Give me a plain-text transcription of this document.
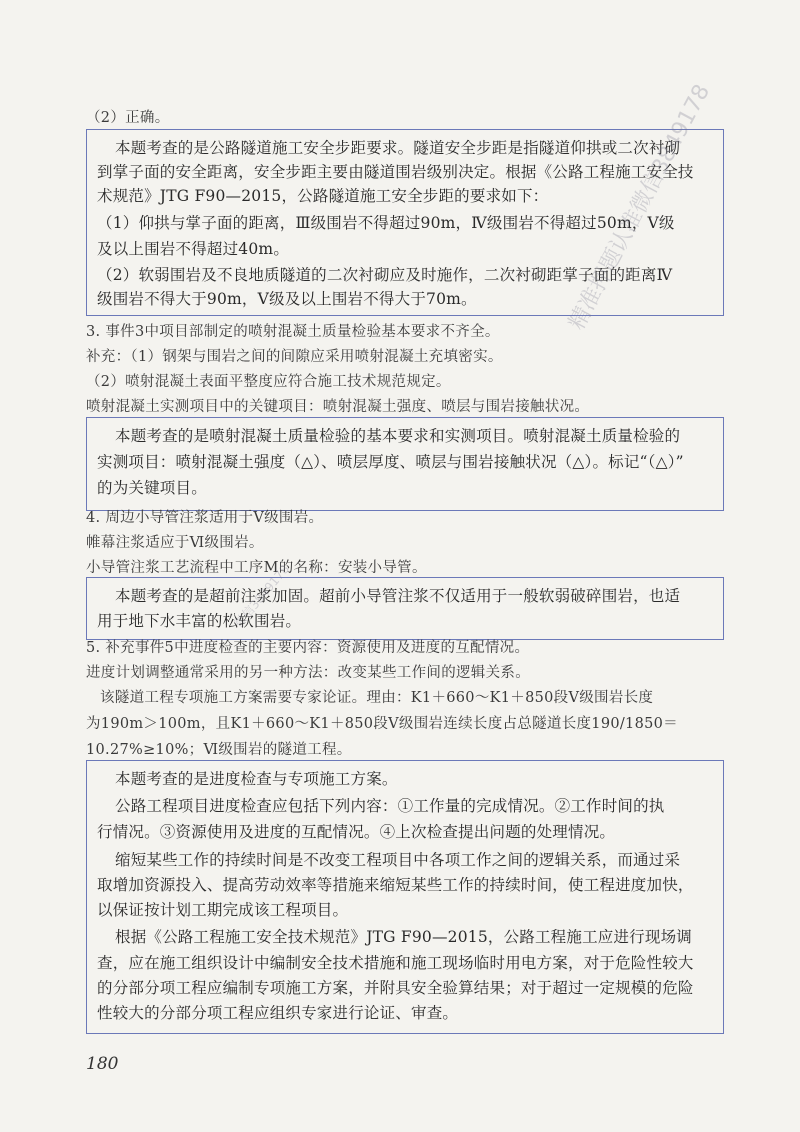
（2）正确。

本题考查的是公路隧道施工安全步距要求。隧道安全步距是指隧道仰拱或二次衬砌

到掌子面的安全距离，安全步距主要由隧道围岩级别决定。根据《公路工程施工安全技

术规范》JTG F90—2015，公路隧道施工安全步距的要求如下：

（1）仰拱与掌子面的距离，Ⅲ级围岩不得超过90m，Ⅳ级围岩不得超过50m，Ⅴ级

及以上围岩不得超过40m。

（2）软弱围岩及不良地质隧道的二次衬砌应及时施作，二次衬砌距掌子面的距离Ⅳ

级围岩不得大于90m，Ⅴ级及以上围岩不得大于70m。

3. 事件3中项目部制定的喷射混凝土质量检验基本要求不齐全。

补充：（1）钢架与围岩之间的间隙应采用喷射混凝土充填密实。

（2）喷射混凝土表面平整度应符合施工技术规范规定。

喷射混凝土实测项目中的关键项目：喷射混凝土强度、喷层与围岩接触状况。

本题考查的是喷射混凝土质量检验的基本要求和实测项目。喷射混凝土质量检验的

实测项目：喷射混凝土强度（△）、喷层厚度、喷层与围岩接触状况（△）。标记“（△）”

的为关键项目。

4. 周边小导管注浆适用于Ⅴ级围岩。

帷幕注浆适应于Ⅵ级围岩。

小导管注浆工艺流程中工序M的名称：安装小导管。

本题考查的是超前注浆加固。超前小导管注浆不仅适用于一般软弱破碎围岩，也适

用于地下水丰富的松软围岩。

5. 补充事件5中进度检查的主要内容：资源使用及进度的互配情况。

进度计划调整通常采用的另一种方法：改变某些工作间的逻辑关系。

该隧道工程专项施工方案需要专家论证。理由：K1＋660～K1＋850段Ⅴ级围岩长度

为190m＞100m，且K1＋660～K1＋850段Ⅴ级围岩连续长度占总隧道长度190/1850＝

10.27%≥10%；Ⅵ级围岩的隧道工程。

本题考查的是进度检查与专项施工方案。

公路工程项目进度检查应包括下列内容：①工作量的完成情况。②工作时间的执

行情况。③资源使用及进度的互配情况。④上次检查提出问题的处理情况。

缩短某些工作的持续时间是不改变工程项目中各项工作之间的逻辑关系，而通过采

取增加资源投入、提高劳动效率等措施来缩短某些工作的持续时间，使工程进度加快，

以保证按计划工期完成该工程项目。

根据《公路工程施工安全技术规范》JTG F90—2015，公路工程施工应进行现场调

查，应在施工组织设计中编制安全技术措施和施工现场临时用电方案，对于危险性较大

的分部分项工程应编制专项施工方案，并附具安全验算结果；对于超过一定规模的危险

性较大的分部分项工程应组织专家进行论证、审查。

180
精准押题认准微信3849178
微信3849178
